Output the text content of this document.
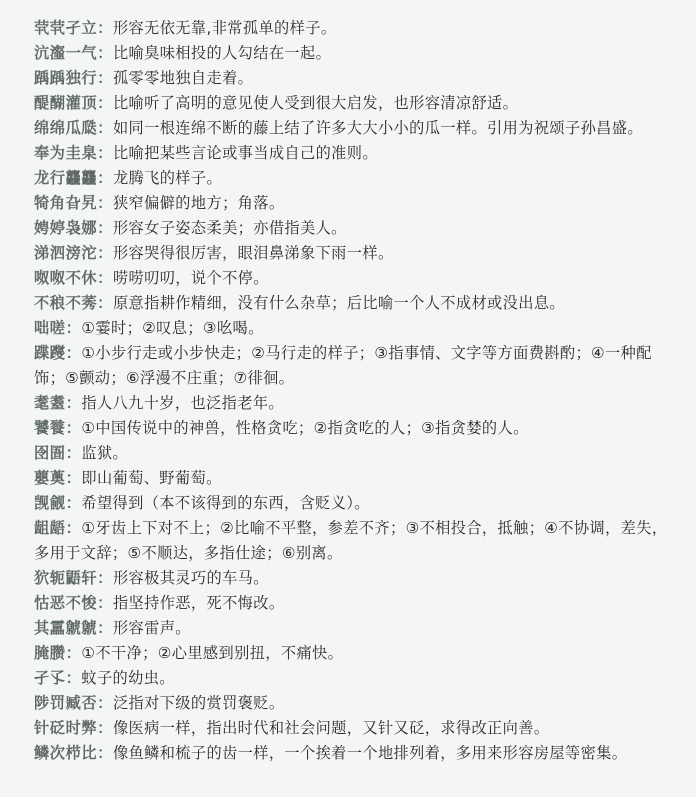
茕茕孑立：形容无依无靠,非常孤单的样子。
沆瀣一气：比喻臭味相投的人勾结在一起。
踽踽独行：孤零零地独自走着。
醍醐灌顶：比喻听了高明的意见使人受到很大启发，也形容清凉舒适。
绵绵瓜瓞：如同一根连绵不断的藤上结了许多大大小小的瓜一样。引用为祝颂子孙昌盛。
奉为圭臬：比喻把某些言论或事当成自己的准则。
龙行龘龘：龙腾飞的样子。
犄角旮旯：狭窄偏僻的地方；角落。
娉婷袅娜：形容女子姿态柔美；亦借指美人。
涕泗滂沱：形容哭得很厉害，眼泪鼻涕象下雨一样。
呶呶不休：唠唠叨叨，说个不停。
不稂不莠：原意指耕作精细，没有什么杂草；后比喻一个人不成材或没出息。
咄嗟：①霎时；②叹息；③吆喝。
蹀躞：①小步行走或小步快走；②马行走的样子；③指事情、文字等方面费斟酌；④一种配饰；⑤颤动；⑥浮漫不庄重；⑦徘徊。
耄耋：指人八九十岁，也泛指老年。
饕餮：①中国传说中的神兽，性格贪吃；②指贪吃的人；③指贪婪的人。
囹圄：监狱。
蘡薁：即山葡萄、野葡萄。
觊觎：希望得到（本不该得到的东西，含贬义）。
龃龉：①牙齿上下对不上；②比喻不平整，参差不齐；③不相投合，抵触；④不协调，差失，多用于文辞；⑤不顺达，多指仕途；⑥别离。
狖轭鼯轩：形容极其灵巧的车马。
怙恶不悛：指坚持作恶，死不悔改。
其靁虩虩：形容雷声。
腌臜：①不干净；②心里感到别扭，不痛快。
孑孓：蚊子的幼虫。
陟罚臧否：泛指对下级的赏罚褒贬。
针砭时弊：像医病一样，指出时代和社会问题，又针又砭，求得改正向善。
鳞次栉比：像鱼鳞和梳子的齿一样，一个挨着一个地排列着，多用来形容房屋等密集。
